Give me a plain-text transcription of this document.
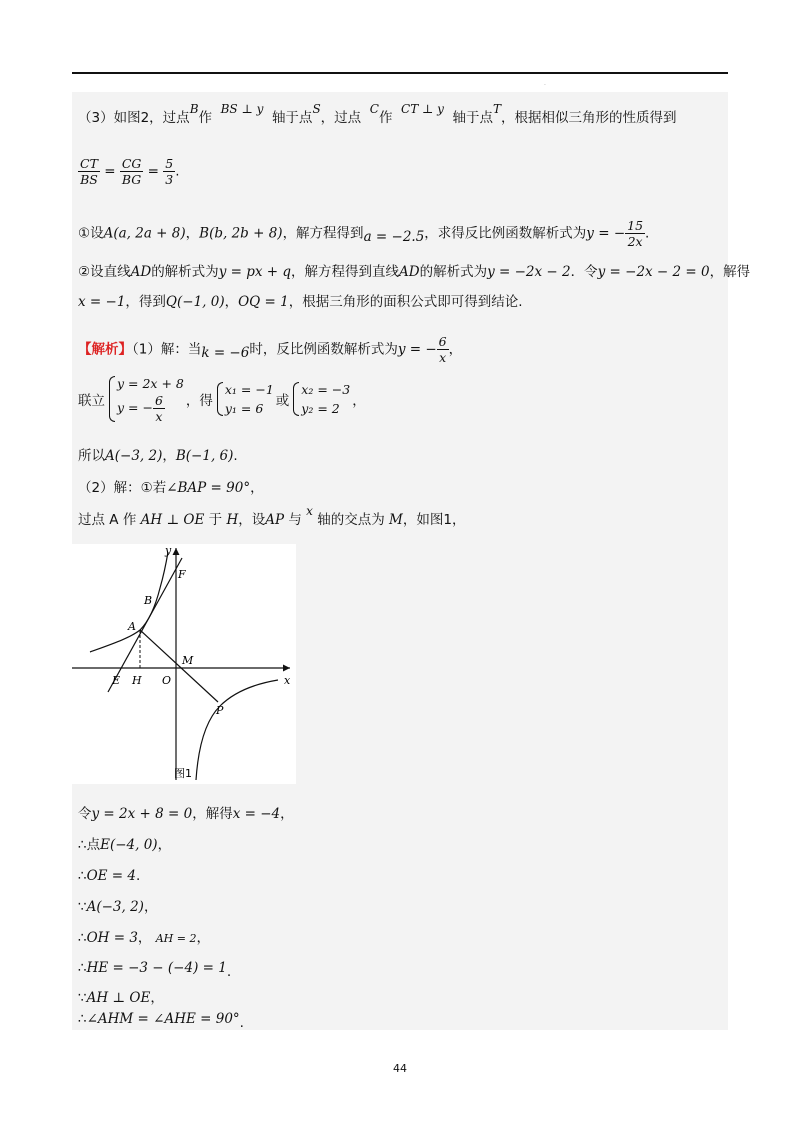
.
（3）如图2，过点B作  BS ⊥ y  轴于点S，过点  C作  CT ⊥ y  轴于点T，根据相似三角形的性质得到
$\frac{CT}{BS} = \frac{CG}{BG} = \frac{5}{3}$ .
①设A(a, 2a + 8)，B(b, 2b + 8)，解方程得到a = −2.5，求得反比例函数解析式为y = − $\frac{15}{2x}$ .
②设直线AD的解析式为y = px + q，解方程得到直线AD的解析式为y = −2x − 2．令y = −2x − 2 = 0，解得
x = −1，得到Q(−1, 0)，OQ = 1，根据三角形的面积公式即可得到结论.
【解析】（1）解：当k = −6时，反比例函数解析式为y = − $\frac{6}{x}$ ，
联立
y = 2x + 8
y = − $\frac{6}{x}$ ，得
x₁ = −1
y₁ = 6 或
x₂ = −3
y₂ = 2 ，
所以A(−3, 2)，B(−1, 6).
（2）解：①若∠BAP = 90°，
过点 A 作 AH ⊥ OE 于 H，设AP 与 x 轴的交点为 M，如图1，
y
F
B
A
M
E H O	x
P
图1
令y = 2x + 8 = 0，解得x = −4，
∴点E(−4, 0)，
∴OE = 4.
∵A(−3, 2)，
∴OH = 3， AH = 2，
∴HE = −3 − (−4) = 1.
∵AH ⊥ OE，
∴∠AHM = ∠AHE = 90°.
44
